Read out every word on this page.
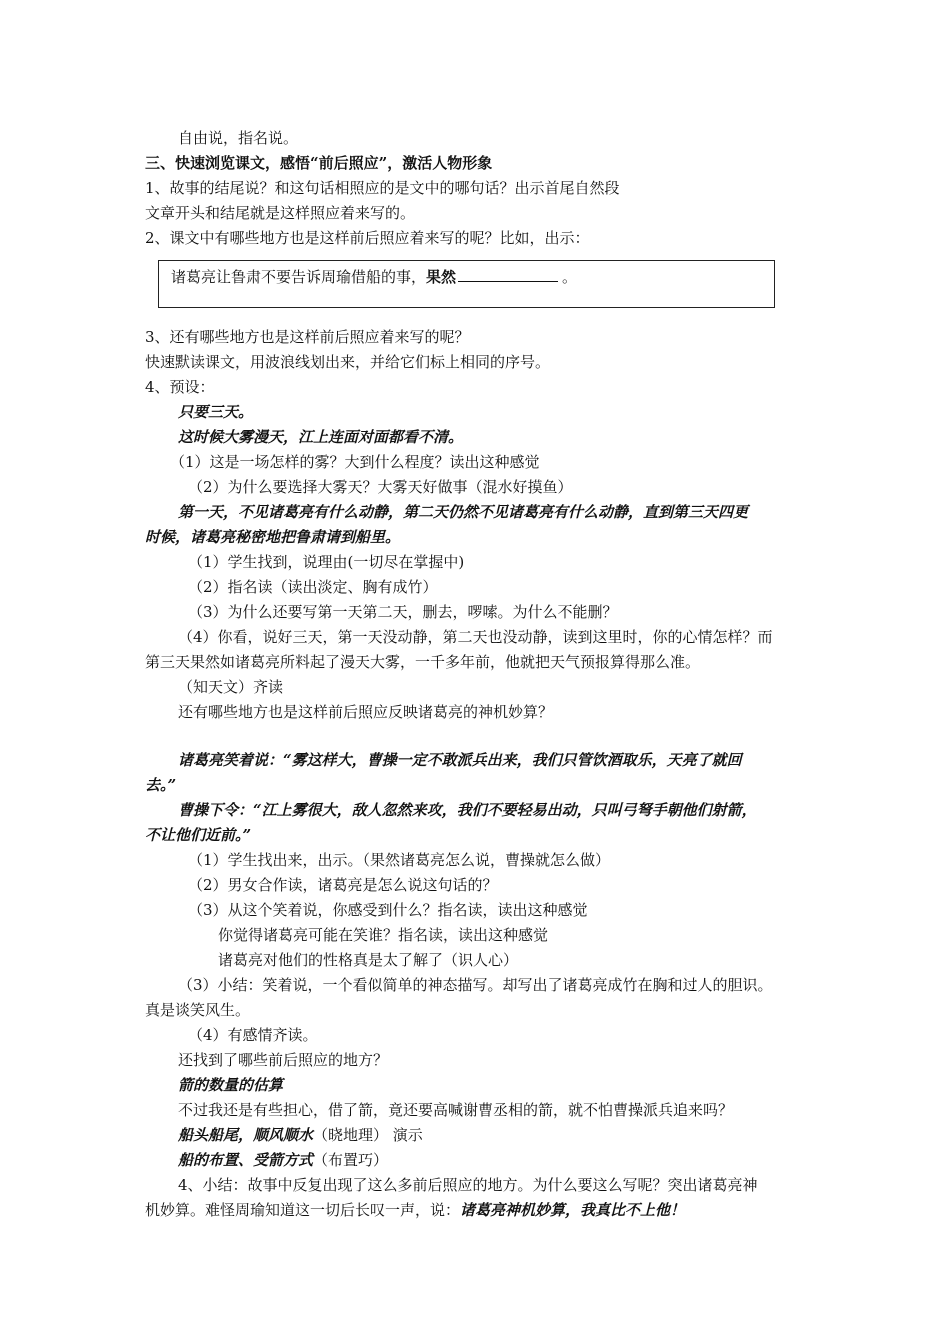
自由说，指名说。
三、快速浏览课文，感悟“前后照应”，激活人物形象
1、故事的结尾说？和这句话相照应的是文中的哪句话？出示首尾自然段
文章开头和结尾就是这样照应着来写的。
2、课文中有哪些地方也是这样前后照应着来写的呢？比如，出示：
诸葛亮让鲁肃不要告诉周瑜借船的事，果然	。
3、还有哪些地方也是这样前后照应着来写的呢？
快速默读课文，用波浪线划出来，并给它们标上相同的序号。
4、预设：
只要三天。
这时候大雾漫天，江上连面对面都看不清。
（1）这是一场怎样的雾？大到什么程度？读出这种感觉
（2）为什么要选择大雾天？大雾天好做事（混水好摸鱼）
第一天，不见诸葛亮有什么动静，第二天仍然不见诸葛亮有什么动静，直到第三天四更
时候，诸葛亮秘密地把鲁肃请到船里。
（1）学生找到，说理由(一切尽在掌握中)
（2）指名读（读出淡定、胸有成竹）
（3）为什么还要写第一天第二天，删去，啰嗦。为什么不能删？
（4）你看，说好三天，第一天没动静，第二天也没动静，读到这里时，你的心情怎样？而
第三天果然如诸葛亮所料起了漫天大雾，一千多年前，他就把天气预报算得那么准。
（知天文）齐读
还有哪些地方也是这样前后照应反映诸葛亮的神机妙算？
诸葛亮笑着说：“雾这样大，曹操一定不敢派兵出来，我们只管饮酒取乐，天亮了就回
去。”
曹操下令：“江上雾很大，敌人忽然来攻，我们不要轻易出动，只叫弓弩手朝他们射箭，
不让他们近前。”
（1）学生找出来，出示。（果然诸葛亮怎么说，曹操就怎么做）
（2）男女合作读，诸葛亮是怎么说这句话的？
（3）从这个笑着说，你感受到什么？指名读，读出这种感觉
你觉得诸葛亮可能在笑谁？指名读，读出这种感觉
诸葛亮对他们的性格真是太了解了（识人心）
（3）小结：笑着说，一个看似简单的神态描写。却写出了诸葛亮成竹在胸和过人的胆识。
真是谈笑风生。
（4）有感情齐读。
还找到了哪些前后照应的地方？
箭的数量的估算
不过我还是有些担心，借了箭，竟还要高喊谢曹丞相的箭，就不怕曹操派兵追来吗？
船头船尾，顺风顺水（晓地理） 演示
船的布置、受箭方式（布置巧）
4、小结：故事中反复出现了这么多前后照应的地方。为什么要这么写呢？突出诸葛亮神
机妙算。难怪周瑜知道这一切后长叹一声，说：诸葛亮神机妙算，我真比不上他！
